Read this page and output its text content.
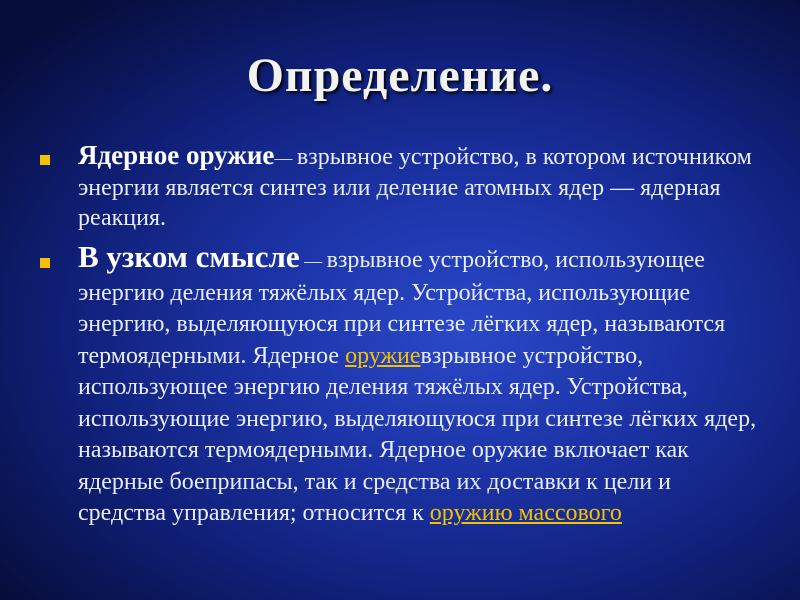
Определение.
Ядерное оружие— взрывное устройство, в котором источником энергии является синтез или деление атомных ядер — ядерная реакция.
В узком смысле — взрывное устройство, использующее энергию деления тяжёлых ядер. Устройства, использующие энергию, выделяющуюся при синтезе лёгких ядер, называются термоядерными. Ядерное оружиевзрывное устройство, использующее энергию деления тяжёлых ядер. Устройства, использующие энергию, выделяющуюся при синтезе лёгких ядер, называются термоядерными. Ядерное оружие включает как ядерные боеприпасы, так и средства их доставки к цели и средства управления; относится к оружию массового
